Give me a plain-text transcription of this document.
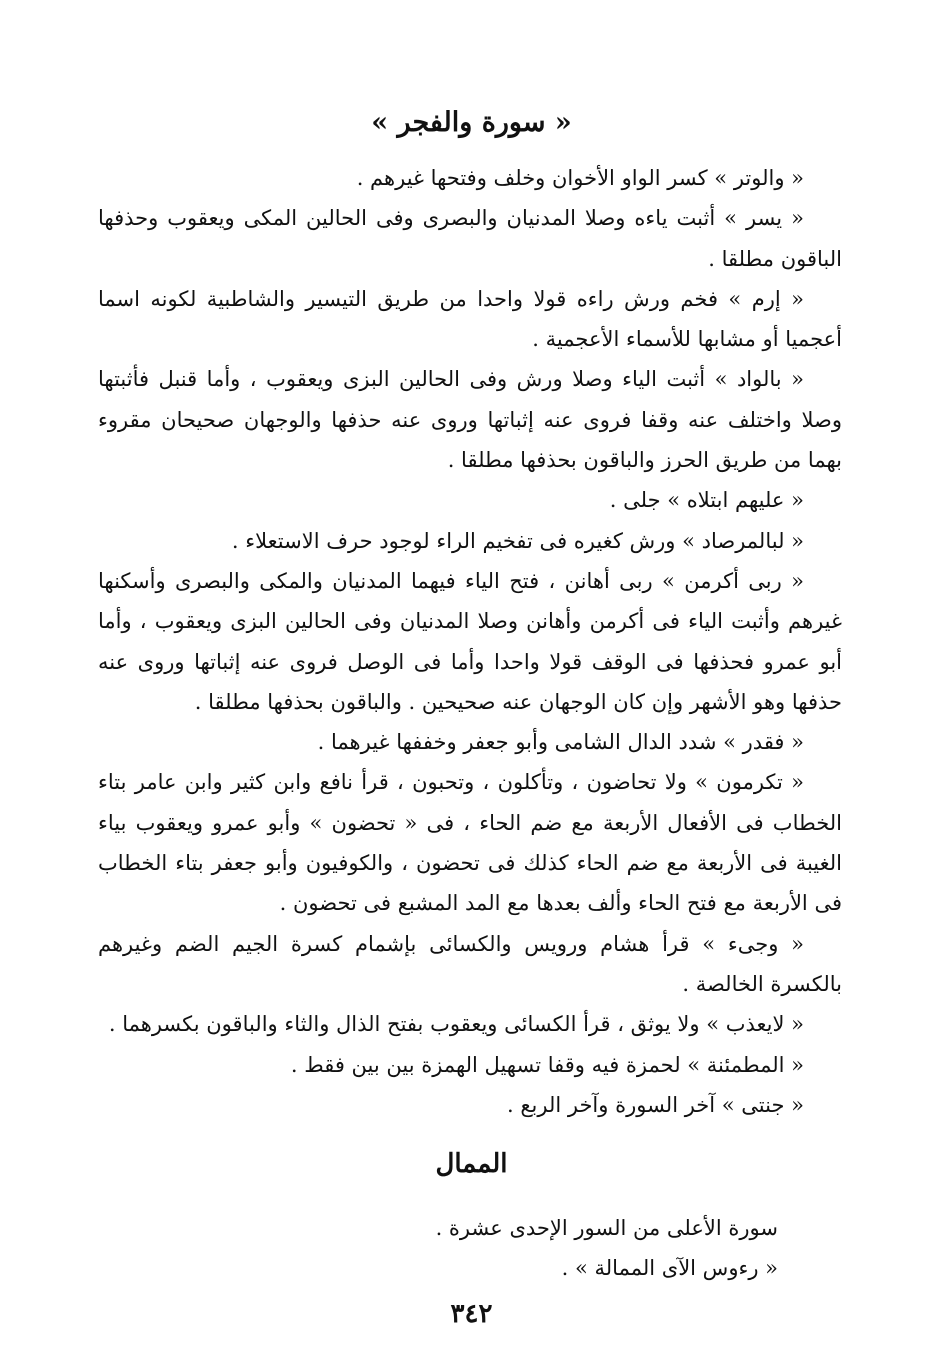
« سورة والفجر »

« والوتر » كسر الواو الأخوان وخلف وفتحها غيرهم .

« يسر » أثبت ياءه وصلا المدنيان والبصرى وفى الحالين المكى ويعقوب وحذفها الباقون مطلقا .

« إرم » فخم ورش راءه قولا واحدا من طريق التيسير والشاطبية لكونه اسما أعجميا أو مشابها للأسماء الأعجمية .

« بالواد » أثبت الياء وصلا ورش وفى الحالين البزى ويعقوب ، وأما قنبل فأثبتها وصلا واختلف عنه وقفا فروى عنه إثباتها وروى عنه حذفها والوجهان صحيحان مقروء بهما من طريق الحرز والباقون بحذفها مطلقا .

« عليهم ابتلاه » جلى .

« لبالمرصاد » ورش كغيره فى تفخيم الراء لوجود حرف الاستعلاء .

« ربى أكرمن » ربى أهانن ، فتح الياء فيهما المدنيان والمكى والبصرى وأسكنها غيرهم وأثبت الياء فى أكرمن وأهانن وصلا المدنيان وفى الحالين البزى ويعقوب ، وأما أبو عمرو فحذفها فى الوقف قولا واحدا وأما فى الوصل فروى عنه إثباتها وروى عنه حذفها وهو الأشهر وإن كان الوجهان عنه صحيحين . والباقون بحذفها مطلقا .

« فقدر » شدد الدال الشامى وأبو جعفر وخففها غيرهما .

« تكرمون » ولا تحاضون ، وتأكلون ، وتحبون ، قرأ نافع وابن كثير وابن عامر بتاء الخطاب فى الأفعال الأربعة مع ضم الحاء ، فى « تحضون » وأبو عمرو ويعقوب بياء الغيبة فى الأربعة مع ضم الحاء كذلك فى تحضون ، والكوفيون وأبو جعفر بتاء الخطاب فى الأربعة مع فتح الحاء وألف بعدها مع المد المشبع فى تحضون .

« وجىء » قرأ هشام ورويس والكسائى بإشمام كسرة الجيم الضم وغيرهم بالكسرة الخالصة .

« لايعذب » ولا يوثق ، قرأ الكسائى ويعقوب بفتح الذال والثاء والباقون بكسرهما .

« المطمئنة » لحمزة فيه وقفا تسهيل الهمزة بين بين فقط .

« جنتى » آخر السورة وآخر الربع .

الممال

سورة الأعلى من السور الإحدى عشرة .

« رءوس الآى الممالة » .

٣٤٢
